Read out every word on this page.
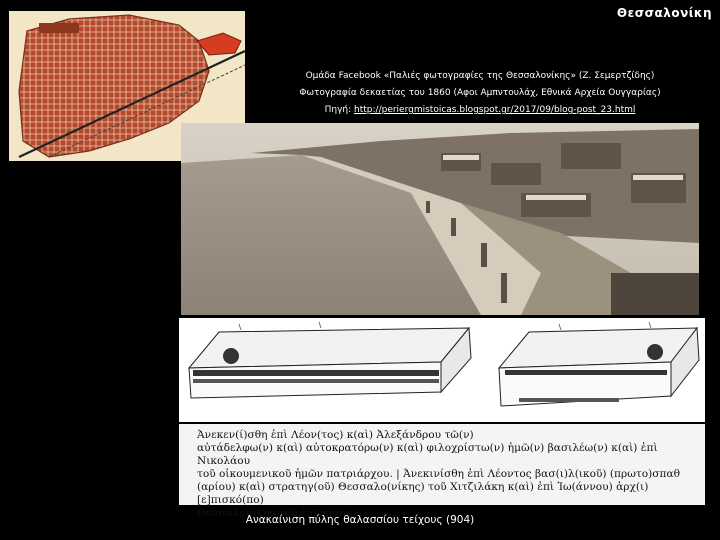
Θεσσαλονίκη
Ομάδα Facebook «Παλιές φωτογραφίες της Θεσσαλονίκης» (Ζ. Σεμερτζίδης)
Φωτογραφία δεκαετίας του 1860 (Αφοι Αμπντουλάχ, Εθνικά Αρχεία Ουγγαρίας)
Πηγή: http://periergmistoicas.blogspot.gr/2017/09/blog-post_23.html
Ἀνεκεν(ί)σθη ἐπὶ Λέον(τος) κ(αὶ) Ἀλεξάνδρου τῶ(ν)
αὐτάδελφω(ν) κ(αὶ) αὐτοκρατόρω(ν) κ(αὶ) φιλοχρίστω(ν) ἡμῶ(ν) βασιλέω(ν) κ(αὶ) ἐπὶ Νικολάου
τοῦ οἰκουμενικοῦ ἡμῶν πατριάρχου. | Ἀνεκινίσθη ἐπὶ Λέοντος βασ(ι)λ(ικοῦ) (πρωτο)σπαθ
(αρίου) κ(αὶ) στρατηγ(οῦ) Θεσσαλο(νίκης) τοῦ Χιτζιλάκη κ(αὶ) ἐπὶ Ἰω(άννου) ἀρχ(ι)[ε]πισκό(πο)
Θεσσαλονίκης τοῦ ἐντοπίου.
Ανακαίνιση πύλης θαλασσίου τείχους (904)
